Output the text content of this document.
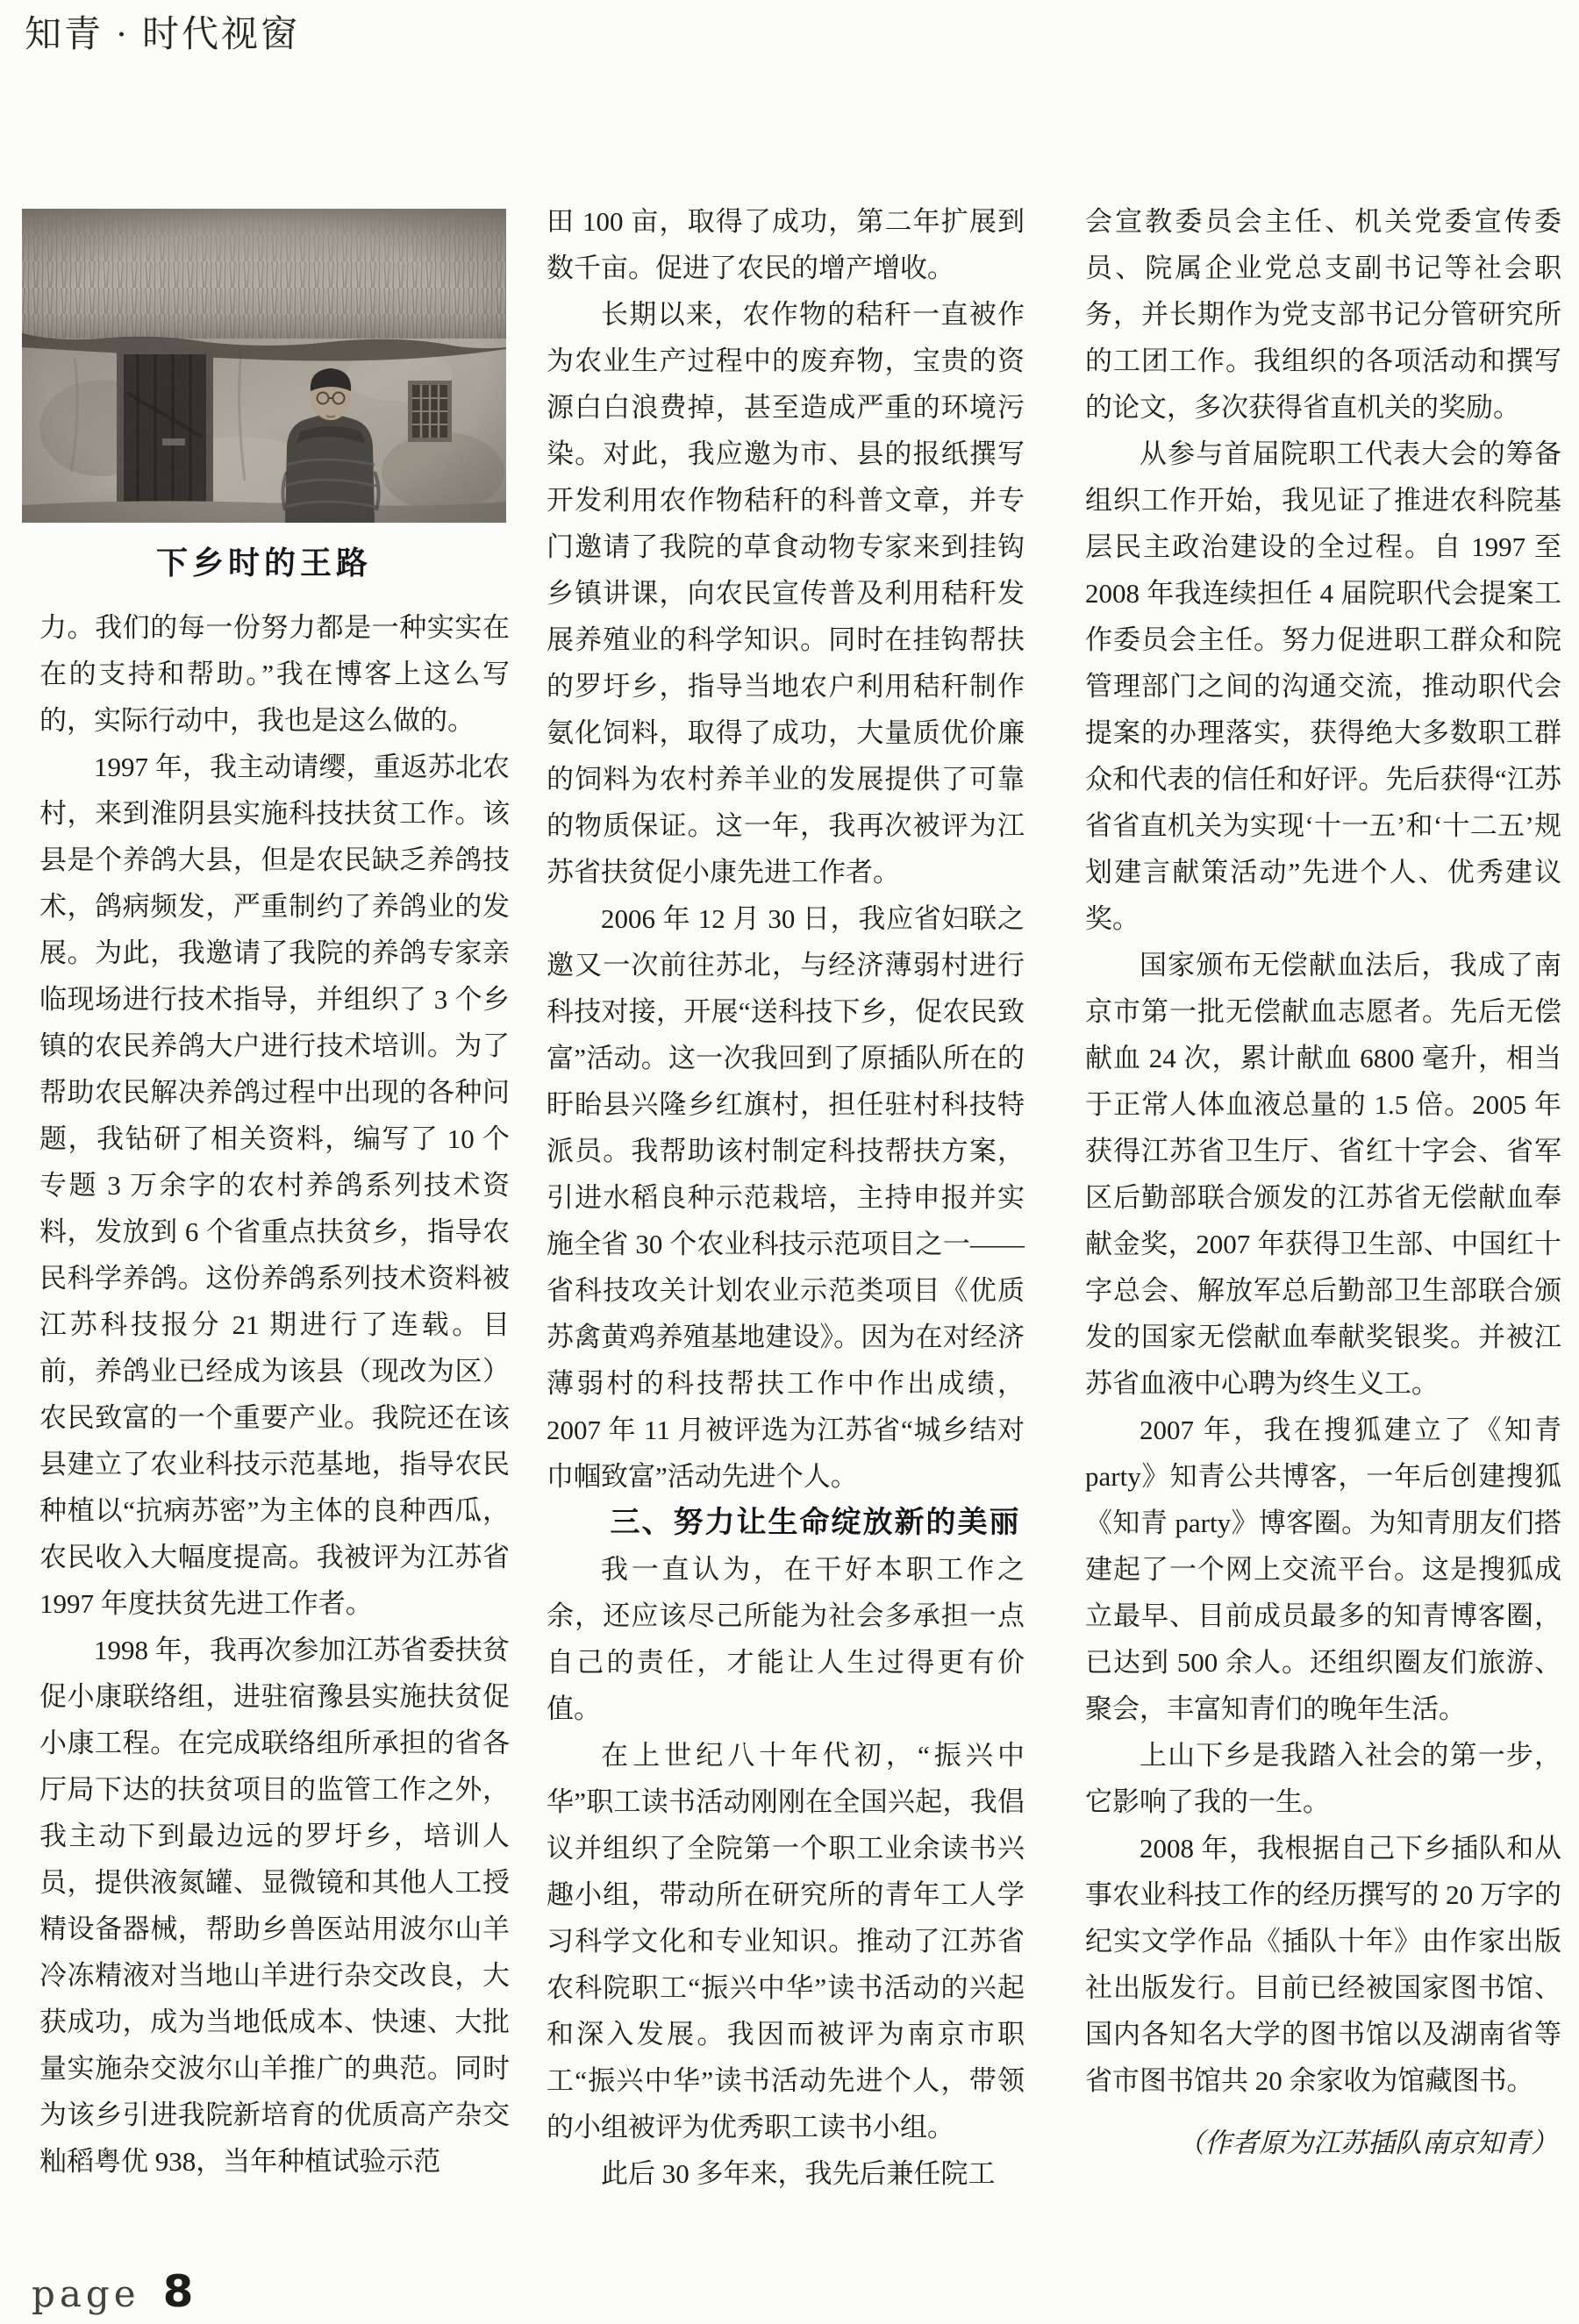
知青 · 时代视窗
下乡时的王路

力。我们的每一份努力都是一种实实在在的支持和帮助。”我在博客上这么写的，实际行动中，我也是这么做的。

1997 年，我主动请缨，重返苏北农村，来到淮阴县实施科技扶贫工作。该县是个养鸽大县，但是农民缺乏养鸽技术，鸽病频发，严重制约了养鸽业的发展。为此，我邀请了我院的养鸽专家亲临现场进行技术指导，并组织了 3 个乡镇的农民养鸽大户进行技术培训。为了帮助农民解决养鸽过程中出现的各种问题，我钻研了相关资料，编写了 10 个专题 3 万余字的农村养鸽系列技术资料，发放到 6 个省重点扶贫乡，指导农民科学养鸽。这份养鸽系列技术资料被江苏科技报分 21 期进行了连载。目前，养鸽业已经成为该县（现改为区）农民致富的一个重要产业。我院还在该县建立了农业科技示范基地，指导农民种植以“抗病苏密”为主体的良种西瓜，农民收入大幅度提高。我被评为江苏省 1997 年度扶贫先进工作者。

1998 年，我再次参加江苏省委扶贫促小康联络组，进驻宿豫县实施扶贫促小康工程。在完成联络组所承担的省各厅局下达的扶贫项目的监管工作之外，我主动下到最边远的罗圩乡，培训人员，提供液氮罐、显微镜和其他人工授精设备器械，帮助乡兽医站用波尔山羊冷冻精液对当地山羊进行杂交改良，大获成功，成为当地低成本、快速、大批量实施杂交波尔山羊推广的典范。同时为该乡引进我院新培育的优质高产杂交籼稻粤优 938，当年种植试验示范

田 100 亩，取得了成功，第二年扩展到数千亩。促进了农民的增产增收。

长期以来，农作物的秸秆一直被作为农业生产过程中的废弃物，宝贵的资源白白浪费掉，甚至造成严重的环境污染。对此，我应邀为市、县的报纸撰写开发利用农作物秸秆的科普文章，并专门邀请了我院的草食动物专家来到挂钩乡镇讲课，向农民宣传普及利用秸秆发展养殖业的科学知识。同时在挂钩帮扶的罗圩乡，指导当地农户利用秸秆制作氨化饲料，取得了成功，大量质优价廉的饲料为农村养羊业的发展提供了可靠的物质保证。这一年，我再次被评为江苏省扶贫促小康先进工作者。

2006 年 12 月 30 日，我应省妇联之邀又一次前往苏北，与经济薄弱村进行科技对接，开展“送科技下乡，促农民致富”活动。这一次我回到了原插队所在的盱眙县兴隆乡红旗村，担任驻村科技特派员。我帮助该村制定科技帮扶方案，引进水稻良种示范栽培，主持申报并实施全省 30 个农业科技示范项目之一——省科技攻关计划农业示范类项目《优质苏禽黄鸡养殖基地建设》。因为在对经济薄弱村的科技帮扶工作中作出成绩，2007 年 11 月被评选为江苏省“城乡结对巾帼致富”活动先进个人。

三、努力让生命绽放新的美丽

我一直认为，在干好本职工作之余，还应该尽己所能为社会多承担一点自己的责任，才能让人生过得更有价值。

在上世纪八十年代初，“振兴中华”职工读书活动刚刚在全国兴起，我倡议并组织了全院第一个职工业余读书兴趣小组，带动所在研究所的青年工人学习科学文化和专业知识。推动了江苏省农科院职工“振兴中华”读书活动的兴起和深入发展。我因而被评为南京市职工“振兴中华”读书活动先进个人，带领的小组被评为优秀职工读书小组。

此后 30 多年来，我先后兼任院工

会宣教委员会主任、机关党委宣传委员、院属企业党总支副书记等社会职务，并长期作为党支部书记分管研究所的工团工作。我组织的各项活动和撰写的论文，多次获得省直机关的奖励。

从参与首届院职工代表大会的筹备组织工作开始，我见证了推进农科院基层民主政治建设的全过程。自 1997 至 2008 年我连续担任 4 届院职代会提案工作委员会主任。努力促进职工群众和院管理部门之间的沟通交流，推动职代会提案的办理落实，获得绝大多数职工群众和代表的信任和好评。先后获得“江苏省省直机关为实现‘十一五’和‘十二五’规划建言献策活动”先进个人、优秀建议奖。

国家颁布无偿献血法后，我成了南京市第一批无偿献血志愿者。先后无偿献血 24 次，累计献血 6800 毫升，相当于正常人体血液总量的 1.5 倍。2005 年获得江苏省卫生厅、省红十字会、省军区后勤部联合颁发的江苏省无偿献血奉献金奖，2007 年获得卫生部、中国红十字总会、解放军总后勤部卫生部联合颁发的国家无偿献血奉献奖银奖。并被江苏省血液中心聘为终生义工。

2007 年，我在搜狐建立了《知青 party》知青公共博客，一年后创建搜狐《知青 party》博客圈。为知青朋友们搭建起了一个网上交流平台。这是搜狐成立最早、目前成员最多的知青博客圈，已达到 500 余人。还组织圈友们旅游、聚会，丰富知青们的晚年生活。

上山下乡是我踏入社会的第一步，它影响了我的一生。

2008 年，我根据自己下乡插队和从事农业科技工作的经历撰写的 20 万字的纪实文学作品《插队十年》由作家出版社出版发行。目前已经被国家图书馆、国内各知名大学的图书馆以及湖南省等省市图书馆共 20 余家收为馆藏图书。

（作者原为江苏插队南京知青）

page 8
